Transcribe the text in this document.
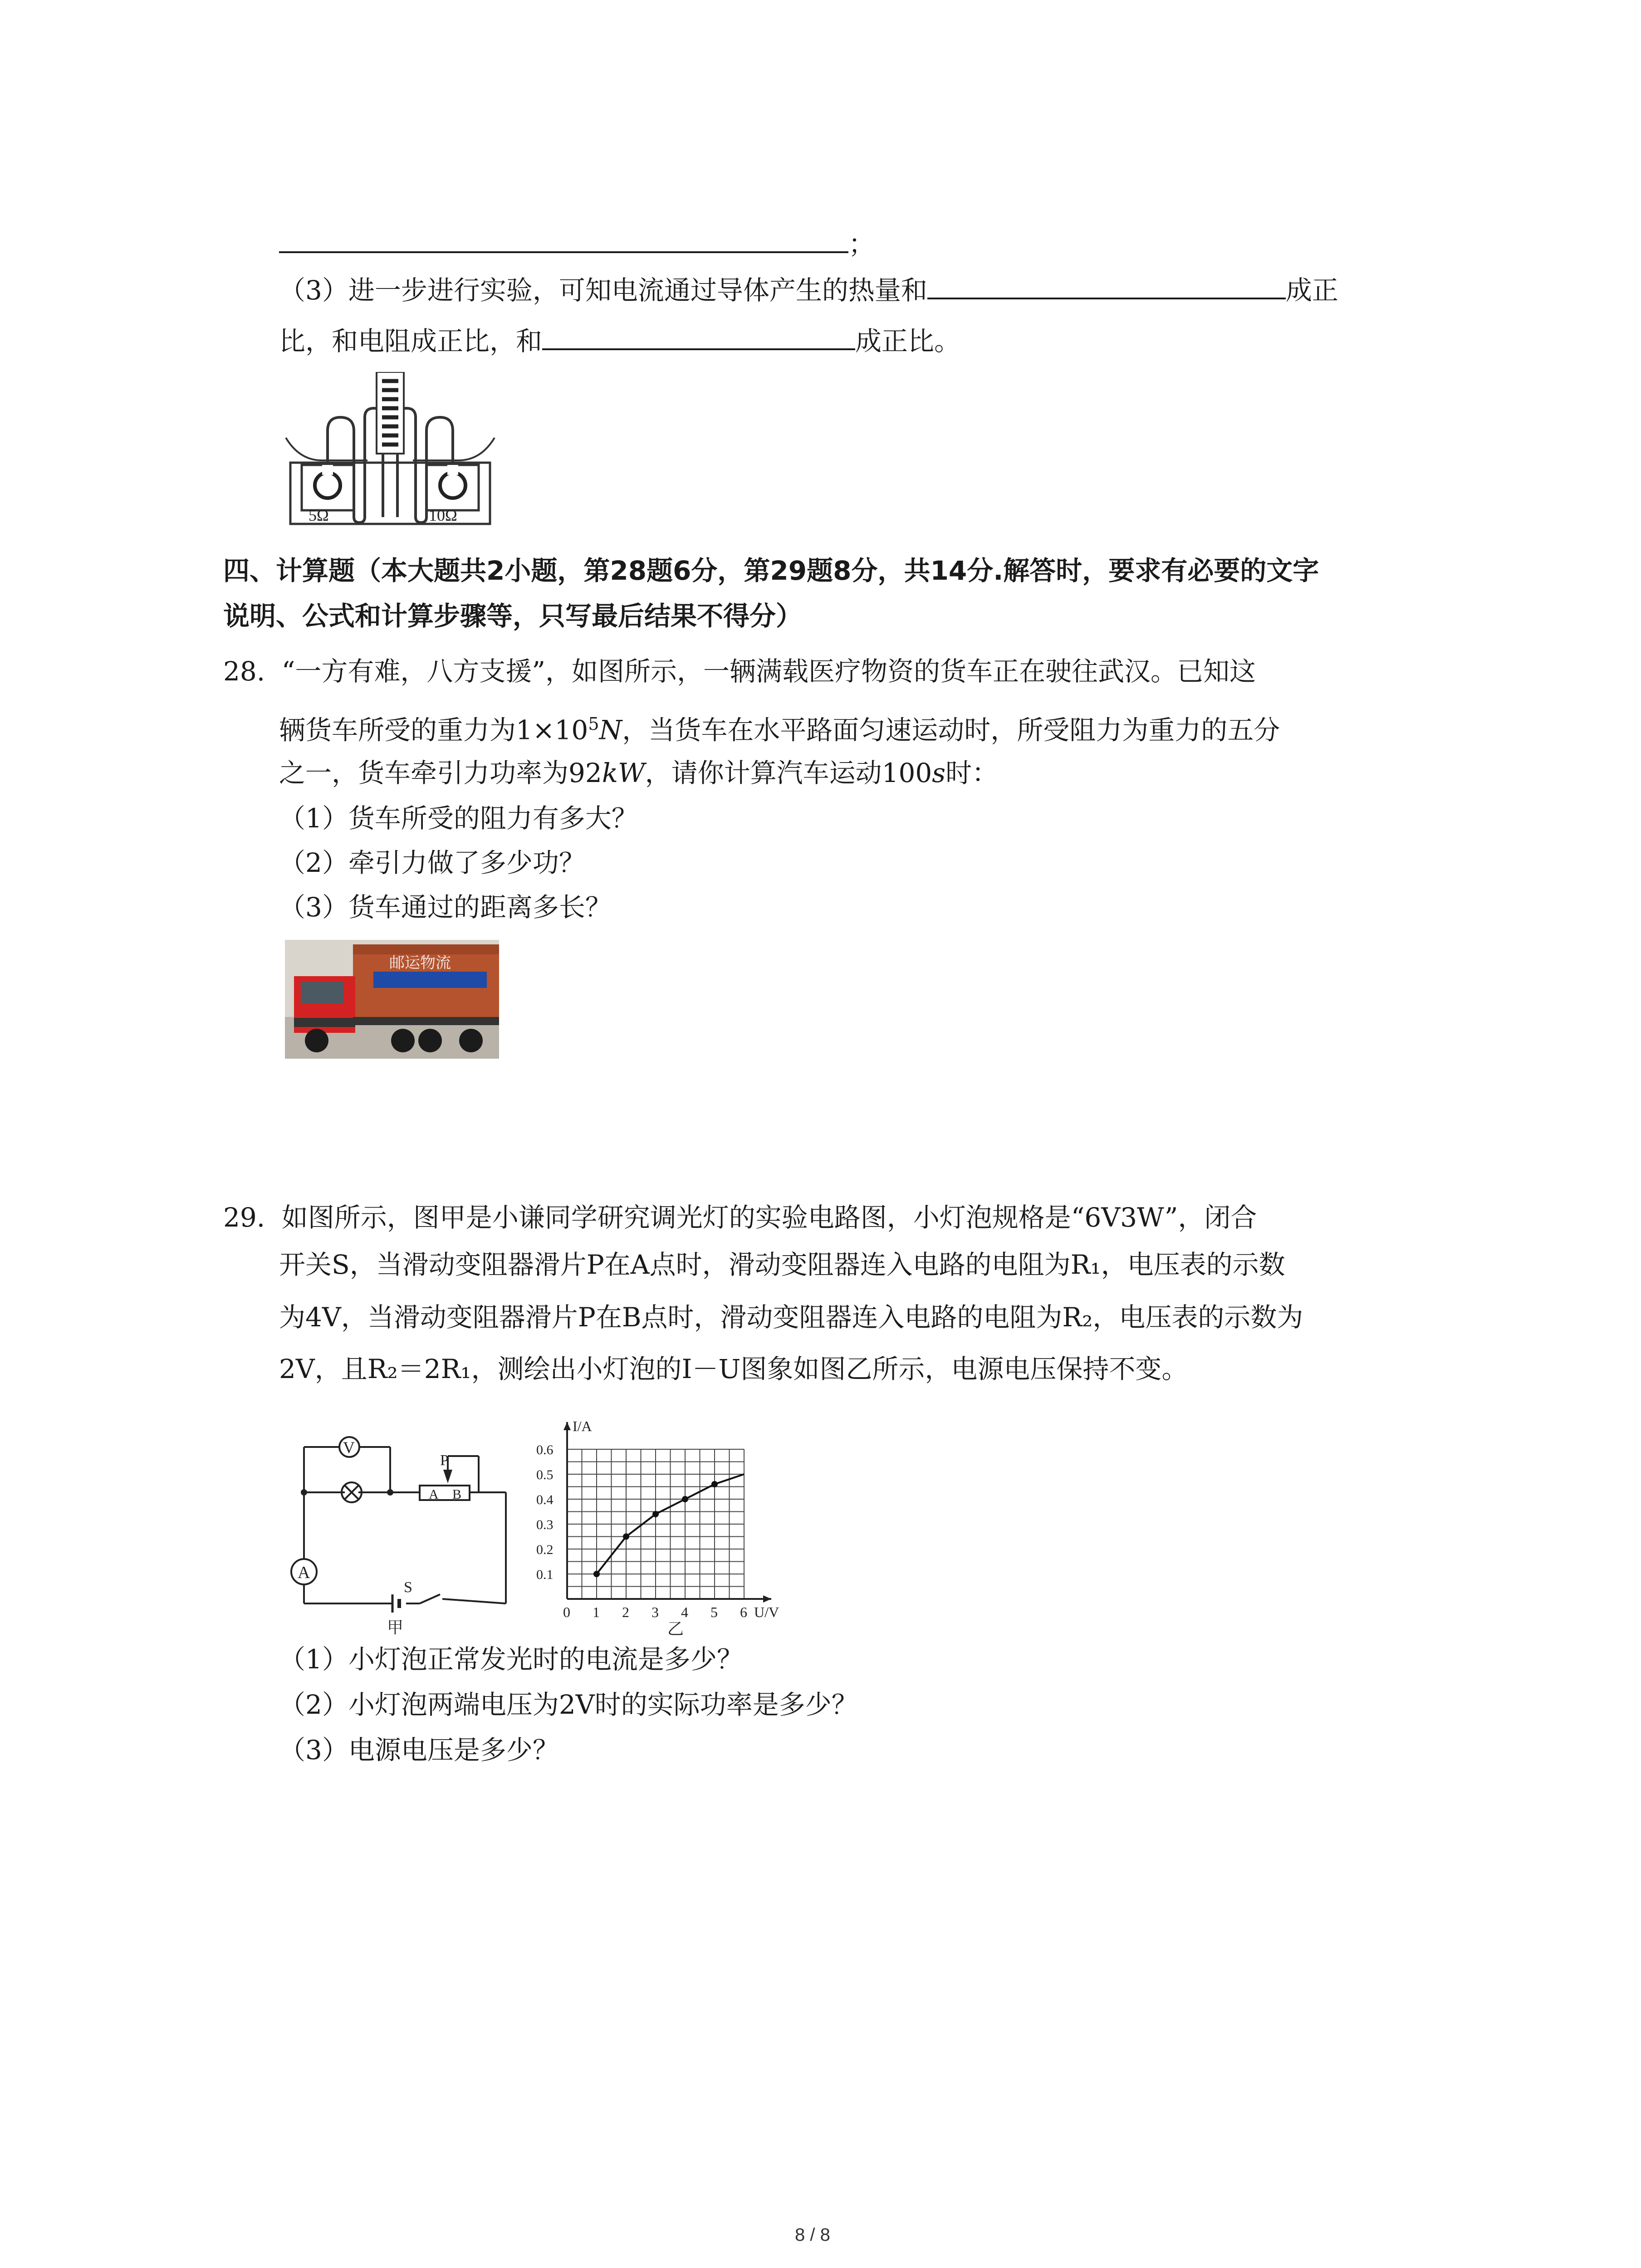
；
（3）进一步进行实验，可知电流通过导体产生的热量和	成正
比，和电阻成正比，和	成正比。
5Ω	10Ω
四、计算题（本大题共2小题，第28题6分，第29题8分，共14分.解答时，要求有必要的文字
说明、公式和计算步骤等，只写最后结果不得分）
28. “一方有难，八方支援”，如图所示，一辆满载医疗物资的货车正在驶往武汉。已知这
辆货车所受的重力为$1\times 10^5N$，当货车在水平路面匀速运动时，所受阻力为重力的五分
之一，货车牵引力功率为92kW，请你计算汽车运动100s时：
（1）货车所受的阻力有多大？
（2）牵引力做了多少功？
（3）货车通过的距离多长？
邮运物流
29. 如图所示，图甲是小谦同学研究调光灯的实验电路图，小灯泡规格是“6V3W”，闭合
开关S，当滑动变阻器滑片P在A点时，滑动变阻器连入电路的电阻为R₁，电压表的示数
为4V，当滑动变阻器滑片P在B点时，滑动变阻器连入电路的电阻为R₂，电压表的示数为
2V，且R₂＝2R₁，测绘出小灯泡的I－U图象如图乙所示，电源电压保持不变。
V
A
P
A B
S
甲
0 1 2 3 4 5 6
0.1
0.2
0.3
0.4
0.5
0.6
U/V
I/A
乙
（1）小灯泡正常发光时的电流是多少？
（2）小灯泡两端电压为2V时的实际功率是多少？
（3）电源电压是多少？
8 / 8
